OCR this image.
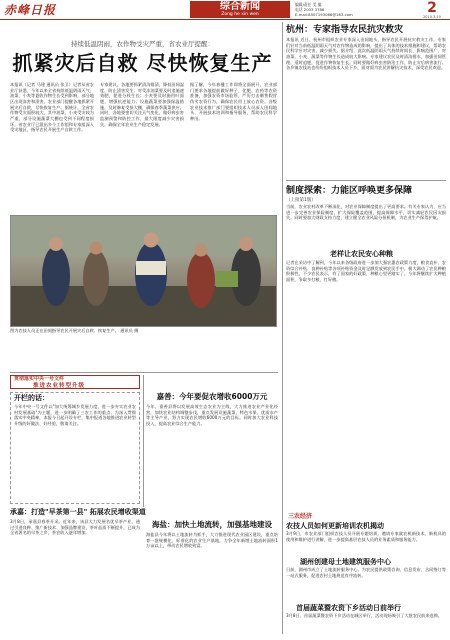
赤峰日报	综合新闻
Zong he xin wen
编辑/责任 美 编
电话 2033 3786
E-mail:8507193066@163.com	2
2010.3.10
持续低温阴雨，农作物受灾严重，省农业厅提醒：
抓紧灾后自救 尽快恢复生产
本报讯（记者 马建 通讯员 张卫）记者从省农业厅获悉，今年以来全省持续低温阴雨天气，油菜、小麦等夏收作物生长受到影响，部分地区出现冻害和渍害，农业部门提醒各地抓紧开展灾后自救，尽快恢复生产。据统计，全省农作物受灾面积较大，其中油菜、小麦受灾较为严重，部分设施蔬菜大棚也受到不同程度损坏。省农业厅已派出多个工作组和专家组深入受灾地区，指导农民开展生产自救工作。
专家建议，各地要抓紧清沟排渍，降低田间湿度，防止渍害发生；对受冻油菜要及时追施速效肥，促进分枝生长；小麦要及时施用叶面肥，增强抗逆能力；设施蔬菜要加强保温措施，及时修复受损大棚，确保春季蔬菜供应。同时，各地要密切关注天气变化，做好病虫害监测预警和防控工作，最大限度减少灾害损失，确保全年农业生产稳定发展。
据了解，今年春播工作即将全面展开，农业部门要求各地提前做好种子、化肥、农药等农资准备，加强农资市场监管，严厉打击制售假冒伪劣农资行为，确保农民用上放心农资。各级农业技术推广部门要组织技术人员深入田间地头，开展技术培训和指导服务，帮助农民科学种田。
图为农技人员正在田间指导农民开展灾后自救、恢复生产。 通讯员 摄
杭州：专家指导农民抗灾救灾
本报讯 近日，杭州市组织农业专家深入田间地头，指导农民开展抗灾救灾工作。专家们针对当前低温阴雨天气对农作物造成的影响，提出了具体的技术措施和建议，帮助农民科学应对灾害，减少损失。据介绍，此次低温阴雨天气持续时间长、影响范围广，对油菜、小麦、蔬菜等作物生长造成较大影响。专家建议农民及时清沟排水，加强田间管理，适时追肥，促进作物恢复生长。同时要做好病虫害防治工作，防止灾后病害流行。各乡镇农技站也纷纷组织技术人员下乡，面对面为农民讲解抗灾技术，深受农民欢迎。
制度探索：力能区呼唤更多保障
（上接第1版）
当前，农业农村改革不断深化，对农业保障制度提出了更高要求。有关专家认为，应当进一步完善农业保险制度，扩大保险覆盖范围，提高保障水平，切实减轻农民因灾损失。同时要加大财政支持力度，建立健全农业风险分担机制，为农业生产保驾护航。
老样让农民安心种粮
记者在采访中了解到，今年以来各级政府进一步加大强农惠农政策力度，粮食直补、农资综合补贴、良种补贴等各项补贴资金及时足额发放到农民手中，极大调动了农民种粮积极性。不少农民表示，有了国家的好政策，种粮心里更踏实了。今年将继续扩大种植面积，争取多打粮、打好粮。
三农经济
农技人员如何更新培训农机揭动
3月9日，市农业部门组织农技人员开展专题培训，邀请专家就农机新技术、新机具的使用和维护进行讲解，进一步提高基层农技人员的业务素质和服务能力。
湖州创建母土地建筑服务中心
日前，湖州市成立了土地流转服务中心，为农民提供政策咨询、信息发布、合同签订等一站式服务，促进农村土地规范有序流转。
首届蔬菜暨农资下乡活动日前举行
3月8日，首届蔬菜暨农资下乡活动在城区举行，活动现场吸引了大批农民前来选购。
贯彻落实中央一号文件
推进农业转型升级
开栏的话：
今年中央一号文件以"加大统筹城乡发展力度，进一步夯实农业农村发展基础"为主题，进一步明确了三农工作的重点。为深入贯彻落实中央精神，本报今日起开设专栏，集中报道各地推进农业转型升级的好做法、好经验，敬请关注。
承嘉：打造"早茶第一县" 拓展农民增收渠道
3月8日，承嘉县春茶开采。近年来，该县大力发展名优早茶产业，通过引进良种、推广新技术、加强品牌建设，茶叶品质不断提升，已成为全省著名的早茶之乡，茶农收入逐年增加。
嘉善：今年要促农增收6000万元
今年，嘉善县将以发展高效生态农业为主线，大力推进农业产业化经营，加快农业结构调整步伐，重点发展设施蔬菜、特色水果、优质水产等主导产业，努力实现农民增收6000万元的目标。同时加大农业科技投入，提高农业综合生产能力。
海盐：加快土地流转，加强基地建设
海盐县今年将以土地流转为抓手，大力推进现代农业园区建设，重点培育一批规模化、标准化的农业生产基地，力争全年新增土地流转面积1万亩以上，带动农民增收致富。
